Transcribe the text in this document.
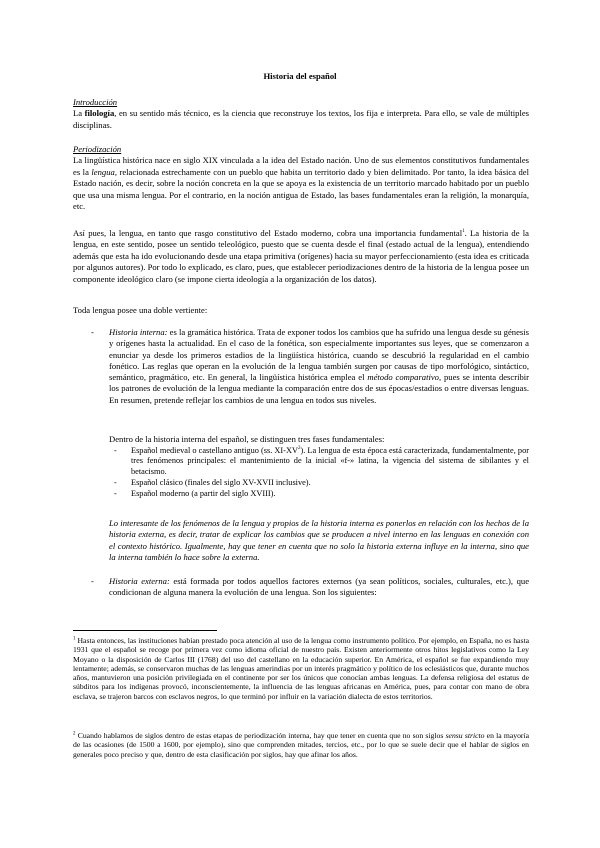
Historia del español
Introducción
La filología, en su sentido más técnico, es la ciencia que reconstruye los textos, los fija e interpreta. Para ello, se vale de múltiples disciplinas.
Periodización
La lingüística histórica nace en siglo XIX vinculada a la idea del Estado nación. Uno de sus elementos constitutivos fundamentales es la lengua, relacionada estrechamente con un pueblo que habita un territorio dado y bien delimitado. Por tanto, la idea básica del Estado nación, es decir, sobre la noción concreta en la que se apoya es la existencia de un territorio marcado habitado por un pueblo que usa una misma lengua. Por el contrario, en la noción antigua de Estado, las bases fundamentales eran la religión, la monarquía, etc.
Así pues, la lengua, en tanto que rasgo constitutivo del Estado moderno, cobra una importancia fundamental$^1$. La historia de la lengua, en este sentido, posee un sentido teleológico, puesto que se cuenta desde el final (estado actual de la lengua), entendiendo además que esta ha ido evolucionando desde una etapa primitiva (orígenes) hacia su mayor perfeccionamiento (esta idea es criticada por algunos autores). Por todo lo explicado, es claro, pues, que establecer periodizaciones dentro de la historia de la lengua posee un componente ideológico claro (se impone cierta ideología a la organización de los datos).
Toda lengua posee una doble vertiente:
- Historia interna: es la gramática histórica. Trata de exponer todos los cambios que ha sufrido una lengua desde su génesis y orígenes hasta la actualidad. En el caso de la fonética, son especialmente importantes sus leyes, que se comenzaron a enunciar ya desde los primeros estadios de la lingüística histórica, cuando se descubrió la regularidad en el cambio fonético. Las reglas que operan en la evolución de la lengua también surgen por causas de tipo morfológico, sintáctico, semántico, pragmático, etc. En general, la lingüística histórica emplea el método comparativo, pues se intenta describir los patrones de evolución de la lengua mediante la comparación entre dos de sus épocas/estadios o entre diversas lenguas. En resumen, pretende reflejar los cambios de una lengua en todos sus niveles.
Dentro de la historia interna del español, se distinguen tres fases fundamentales:
- Español medieval o castellano antiguo (ss. $XI-XV^2$). La lengua de esta época está caracterizada, fundamentalmente, por tres fenómenos principales: el mantenimiento de la inicial «f-» latina, la vigencia del sistema de sibilantes y el betacismo.
- Español clásico (finales del siglo XV-XVII inclusive).
- Español moderno (a partir del siglo XVIII).
Lo interesante de los fenómenos de la lengua y propios de la historia interna es ponerlos en relación con los hechos de la historia externa, es decir, tratar de explicar los cambios que se producen a nivel interno en las lenguas en conexión con el contexto histórico. Igualmente, hay que tener en cuenta que no solo la historia externa influye en la interna, sino que la interna también lo hace sobre la externa.
- Historia externa: está formada por todos aquellos factores externos (ya sean políticos, sociales, culturales, etc.), que condicionan de alguna manera la evolución de una lengua. Son los siguientes:
$^1$ Hasta entonces, las instituciones habían prestado poca atención al uso de la lengua como instrumento político. Por ejemplo, en España, no es hasta 1931 que el español se recoge por primera vez como idioma oficial de nuestro país. Existen anteriormente otros hitos legislativos como la Ley Moyano o la disposición de Carlos III (1768) del uso del castellano en la educación superior. En América, el español se fue expandiendo muy lentamente; además, se conservaron muchas de las lenguas amerindias por un interés pragmático y político de los eclesiásticos que, durante muchos años, mantuvieron una posición privilegiada en el continente por ser los únicos que conocían ambas lenguas. La defensa religiosa del estatus de súbditos para los indígenas provocó, inconscientemente, la influencia de las lenguas africanas en América, pues, para contar con mano de obra esclava, se trajeron barcos con esclavos negros, lo que terminó por influir en la variación dialecta de estos territorios.
$^2$ Cuando hablamos de siglos dentro de estas etapas de periodización interna, hay que tener en cuenta que no son siglos sensu stricto en la mayoría de las ocasiones (de 1500 a 1600, por ejemplo), sino que comprenden mitades, tercios, etc., por lo que se suele decir que el hablar de siglos en generales poco preciso y que, dentro de esta clasificación por siglos, hay que afinar los años.
